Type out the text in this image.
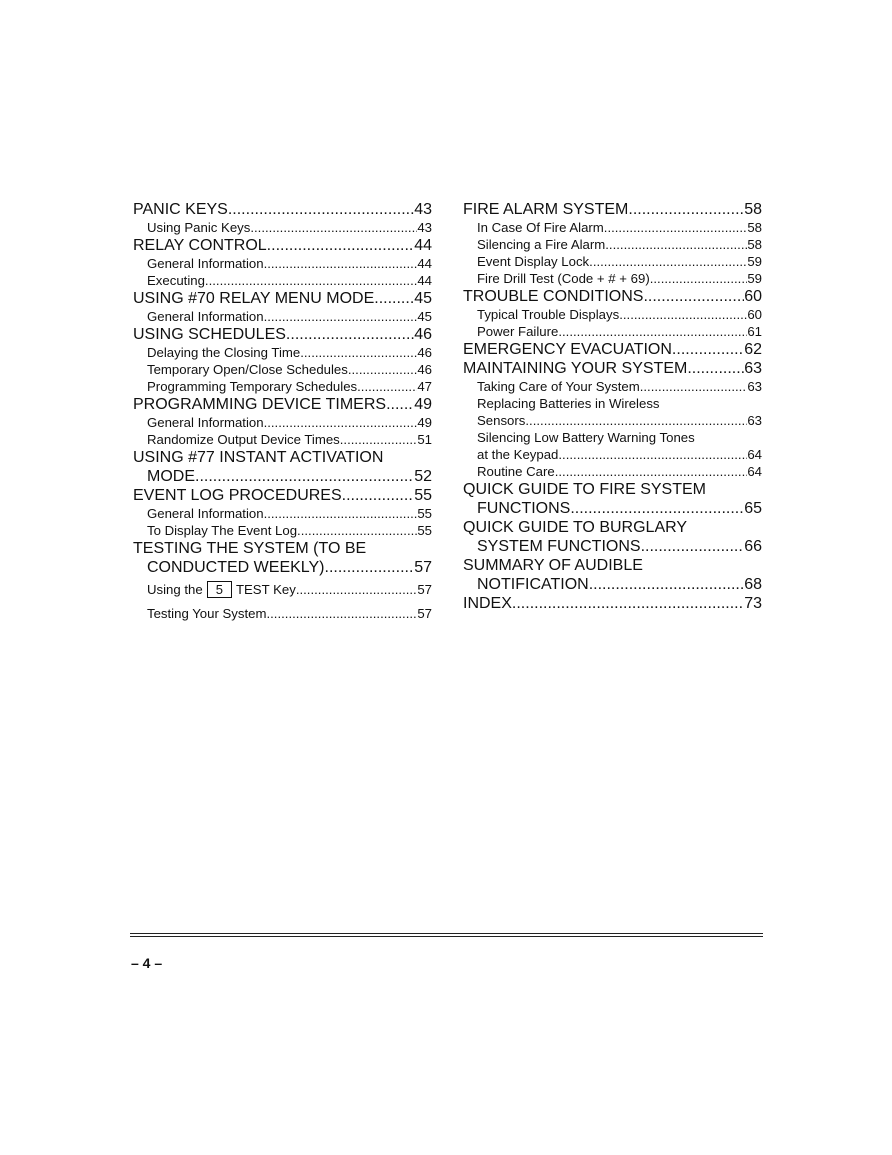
PANIC KEYS .....	43
Using Panic Keys .....	43
RELAY CONTROL .....	44
General Information .....	44
Executing .....	44
USING #70 RELAY MENU MODE ..... 45
General Information .....	45
USING SCHEDULES .....	46
Delaying the Closing Time .....	46
Temporary Open/Close Schedules .....	46
Programming Temporary Schedules .....	47
PROGRAMMING DEVICE TIMERS ..... 49
General Information .....	49
Randomize Output Device Times .....	51
USING #77 INSTANT ACTIVATION
MODE .....	52
EVENT LOG PROCEDURES .....	55
General Information .....	55
To Display The Event Log .....	55
TESTING THE SYSTEM (TO BE
CONDUCTED WEEKLY) .....	57
Using the 5 TEST Key .....	57
Testing Your System .....	57
FIRE ALARM SYSTEM .....	58
In Case Of Fire Alarm .....	58
Silencing a Fire Alarm .....	58
Event Display Lock .....	59
Fire Drill Test (Code + # + 69) .....	59
TROUBLE CONDITIONS .....	60
Typical Trouble Displays .....	60
Power Failure .....	61
EMERGENCY EVACUATION .....	62
MAINTAINING YOUR SYSTEM .....	63
Taking Care of Your System .....	63
Replacing Batteries in Wireless
Sensors .....	63
Silencing Low Battery Warning Tones
at the Keypad .....	64
Routine Care .....	64
QUICK GUIDE TO FIRE SYSTEM
FUNCTIONS .....	65
QUICK GUIDE TO BURGLARY
SYSTEM FUNCTIONS .....	66
SUMMARY OF AUDIBLE
NOTIFICATION .....	68
INDEX .....	73
– 4 –
